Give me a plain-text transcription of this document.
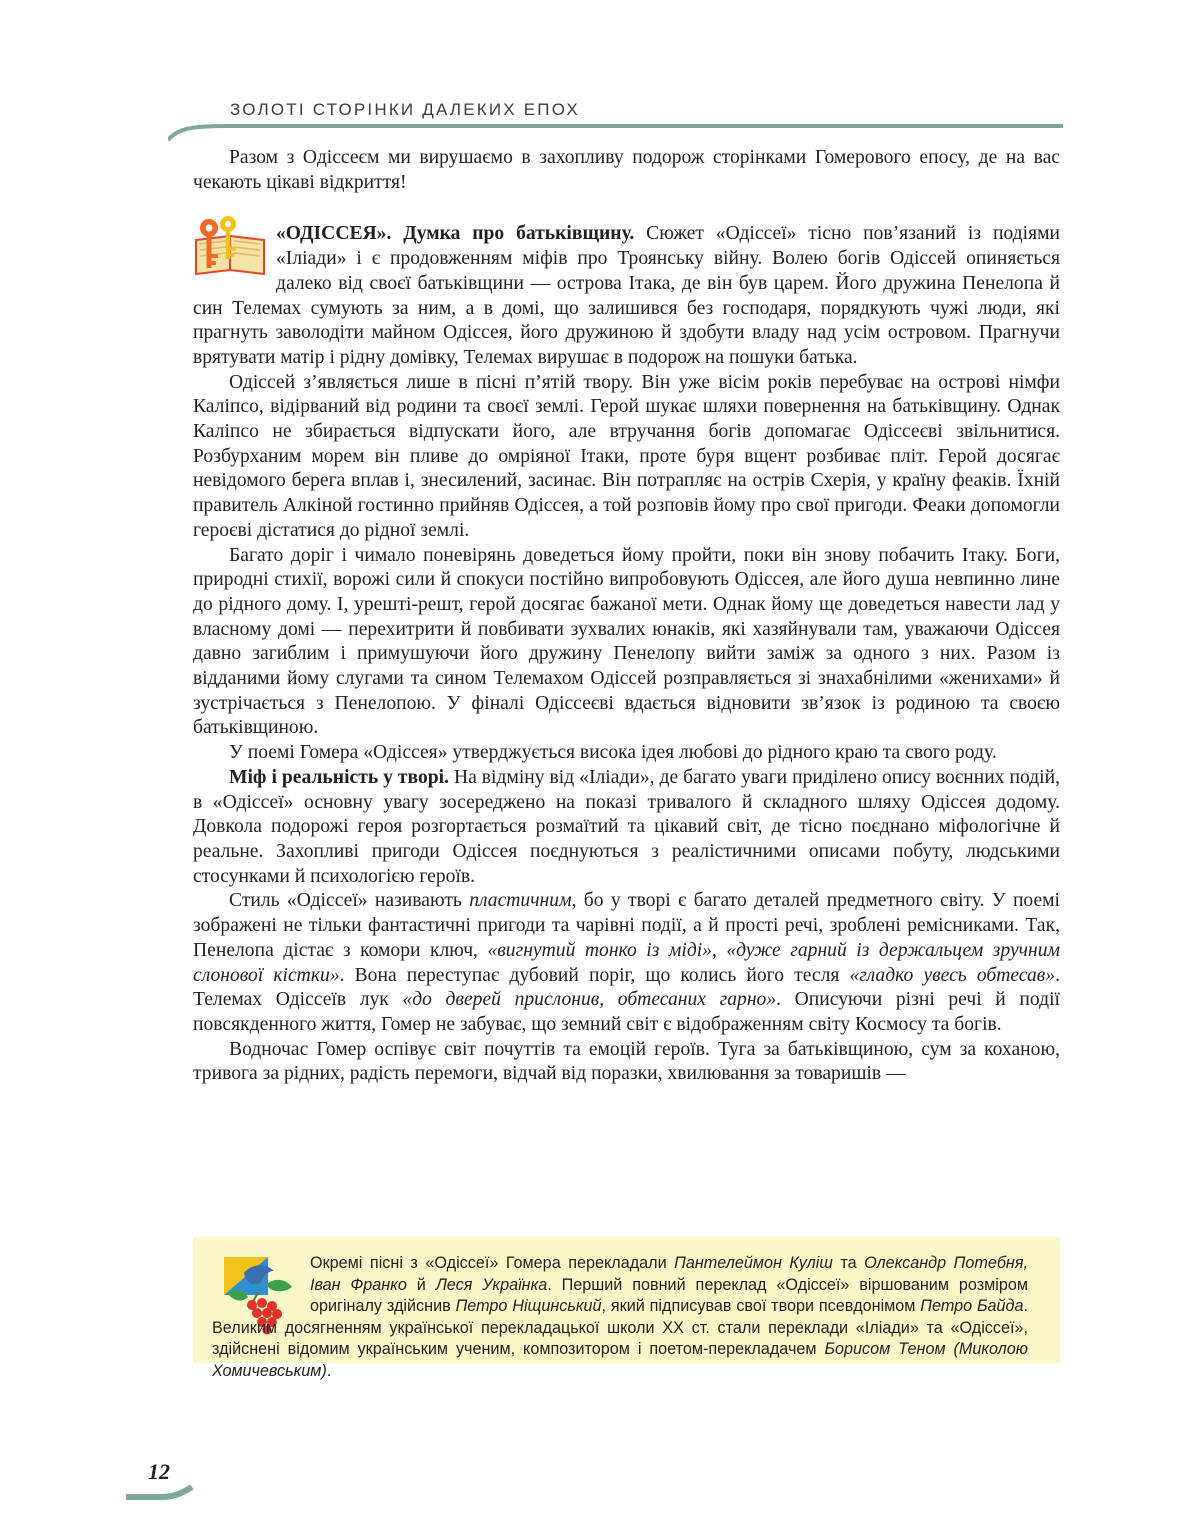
ЗОЛОТІ СТОРІНКИ ДАЛЕКИХ ЕПОХ

Разом з Одіссеєм ми вирушаємо в захопливу подорож сторінками Гомерового епосу, де на вас чекають цікаві відкриття!

«ОДІССЕЯ». Думка про батьківщину. Сюжет «Одіссеї» тісно пов’язаний із подіями «Іліади» і є продовженням міфів про Троянську війну. Волею богів Одіссей опиняється далеко від своєї батьківщини — острова Ітака, де він був царем. Його дружина Пенелопа й син Телемах сумують за ним, а в домі, що залишився без господаря, порядкують чужі люди, які прагнуть заволодіти майном Одіссея, його дружиною й здобути владу над усім островом. Прагнучи врятувати матір і рідну домівку, Телемах вирушає в подорож на пошуки батька.

Одіссей з’являється лише в пісні п’ятій твору. Він уже вісім років перебуває на острові німфи Каліпсо, відірваний від родини та своєї землі. Герой шукає шляхи повернення на батьківщину. Однак Каліпсо не збирається відпускати його, але втручання богів допомагає Одіссеєві звільнитися. Розбурханим морем він пливе до омріяної Ітаки, проте буря вщент розбиває пліт. Герой досягає невідомого берега вплав і, знесилений, засинає. Він потрапляє на острів Схерія, у країну феаків. Їхній правитель Алкіной гостинно прийняв Одіссея, а той розповів йому про свої пригоди. Феаки допомогли героєві дістатися до рідної землі.

Багато доріг і чимало поневірянь доведеться йому пройти, поки він знову побачить Ітаку. Боги, природні стихії, ворожі сили й спокуси постійно випробовують Одіссея, але його душа невпинно лине до рідного дому. І, урешті-решт, герой досягає бажаної мети. Однак йому ще доведеться навести лад у власному домі — перехитрити й повбивати зухвалих юнаків, які хазяйнували там, уважаючи Одіссея давно загиблим і примушуючи його дружину Пенелопу вийти заміж за одного з них. Разом із відданими йому слугами та сином Телемахом Одіссей розправляється зі знахабнілими «женихами» й зустрічається з Пенелопою. У фіналі Одіссеєві вдається відновити зв’язок із родиною та своєю батьківщиною.

У поемі Гомера «Одіссея» утверджується висока ідея любові до рідного краю та свого роду.

Міф і реальність у творі. На відміну від «Іліади», де багато уваги приділено опису воєнних подій, в «Одіссеї» основну увагу зосереджено на показі тривалого й складного шляху Одіссея додому. Довкола подорожі героя розгортається розмаїтий та цікавий світ, де тісно поєднано міфологічне й реальне. Захопливі пригоди Одіссея поєднуються з реалістичними описами побуту, людськими стосунками й психологією героїв.

Стиль «Одіссеї» називають пластичним, бо у творі є багато деталей предметного світу. У поемі зображені не тільки фантастичні пригоди та чарівні події, а й прості речі, зроблені ремісниками. Так, Пенелопа дістає з комори ключ, «вигнутий тонко із міді», «дуже гарний із держальцем зручним слонової кістки». Вона переступає дубовий поріг, що колись його тесля «гладко увесь обтесав». Телемах Одіссеїв лук «до дверей прислонив, обтесаних гарно». Описуючи різні речі й події повсякденного життя, Гомер не забуває, що земний світ є відображенням світу Космосу та богів.

Водночас Гомер оспівує світ почуттів та емоцій героїв. Туга за батьківщиною, сум за коханою, тривога за рідних, радість перемоги, відчай від поразки, хвилювання за товаришів —

Окремі пісні з «Одіссеї» Гомера перекладали Пантелеймон Куліш та Олександр Потебня, Іван Франко й Леся Українка. Перший повний переклад «Одіссеї» віршованим розміром оригіналу здійснив Петро Ніщинський, який підписував свої твори псевдонімом Петро Байда. Великим досягненням української перекладацької школи XX ст. стали переклади «Іліади» та «Одіссеї», здійснені відомим українським ученим, композитором і поетом-перекладачем Борисом Теном (Миколою Хомичевським).
12
